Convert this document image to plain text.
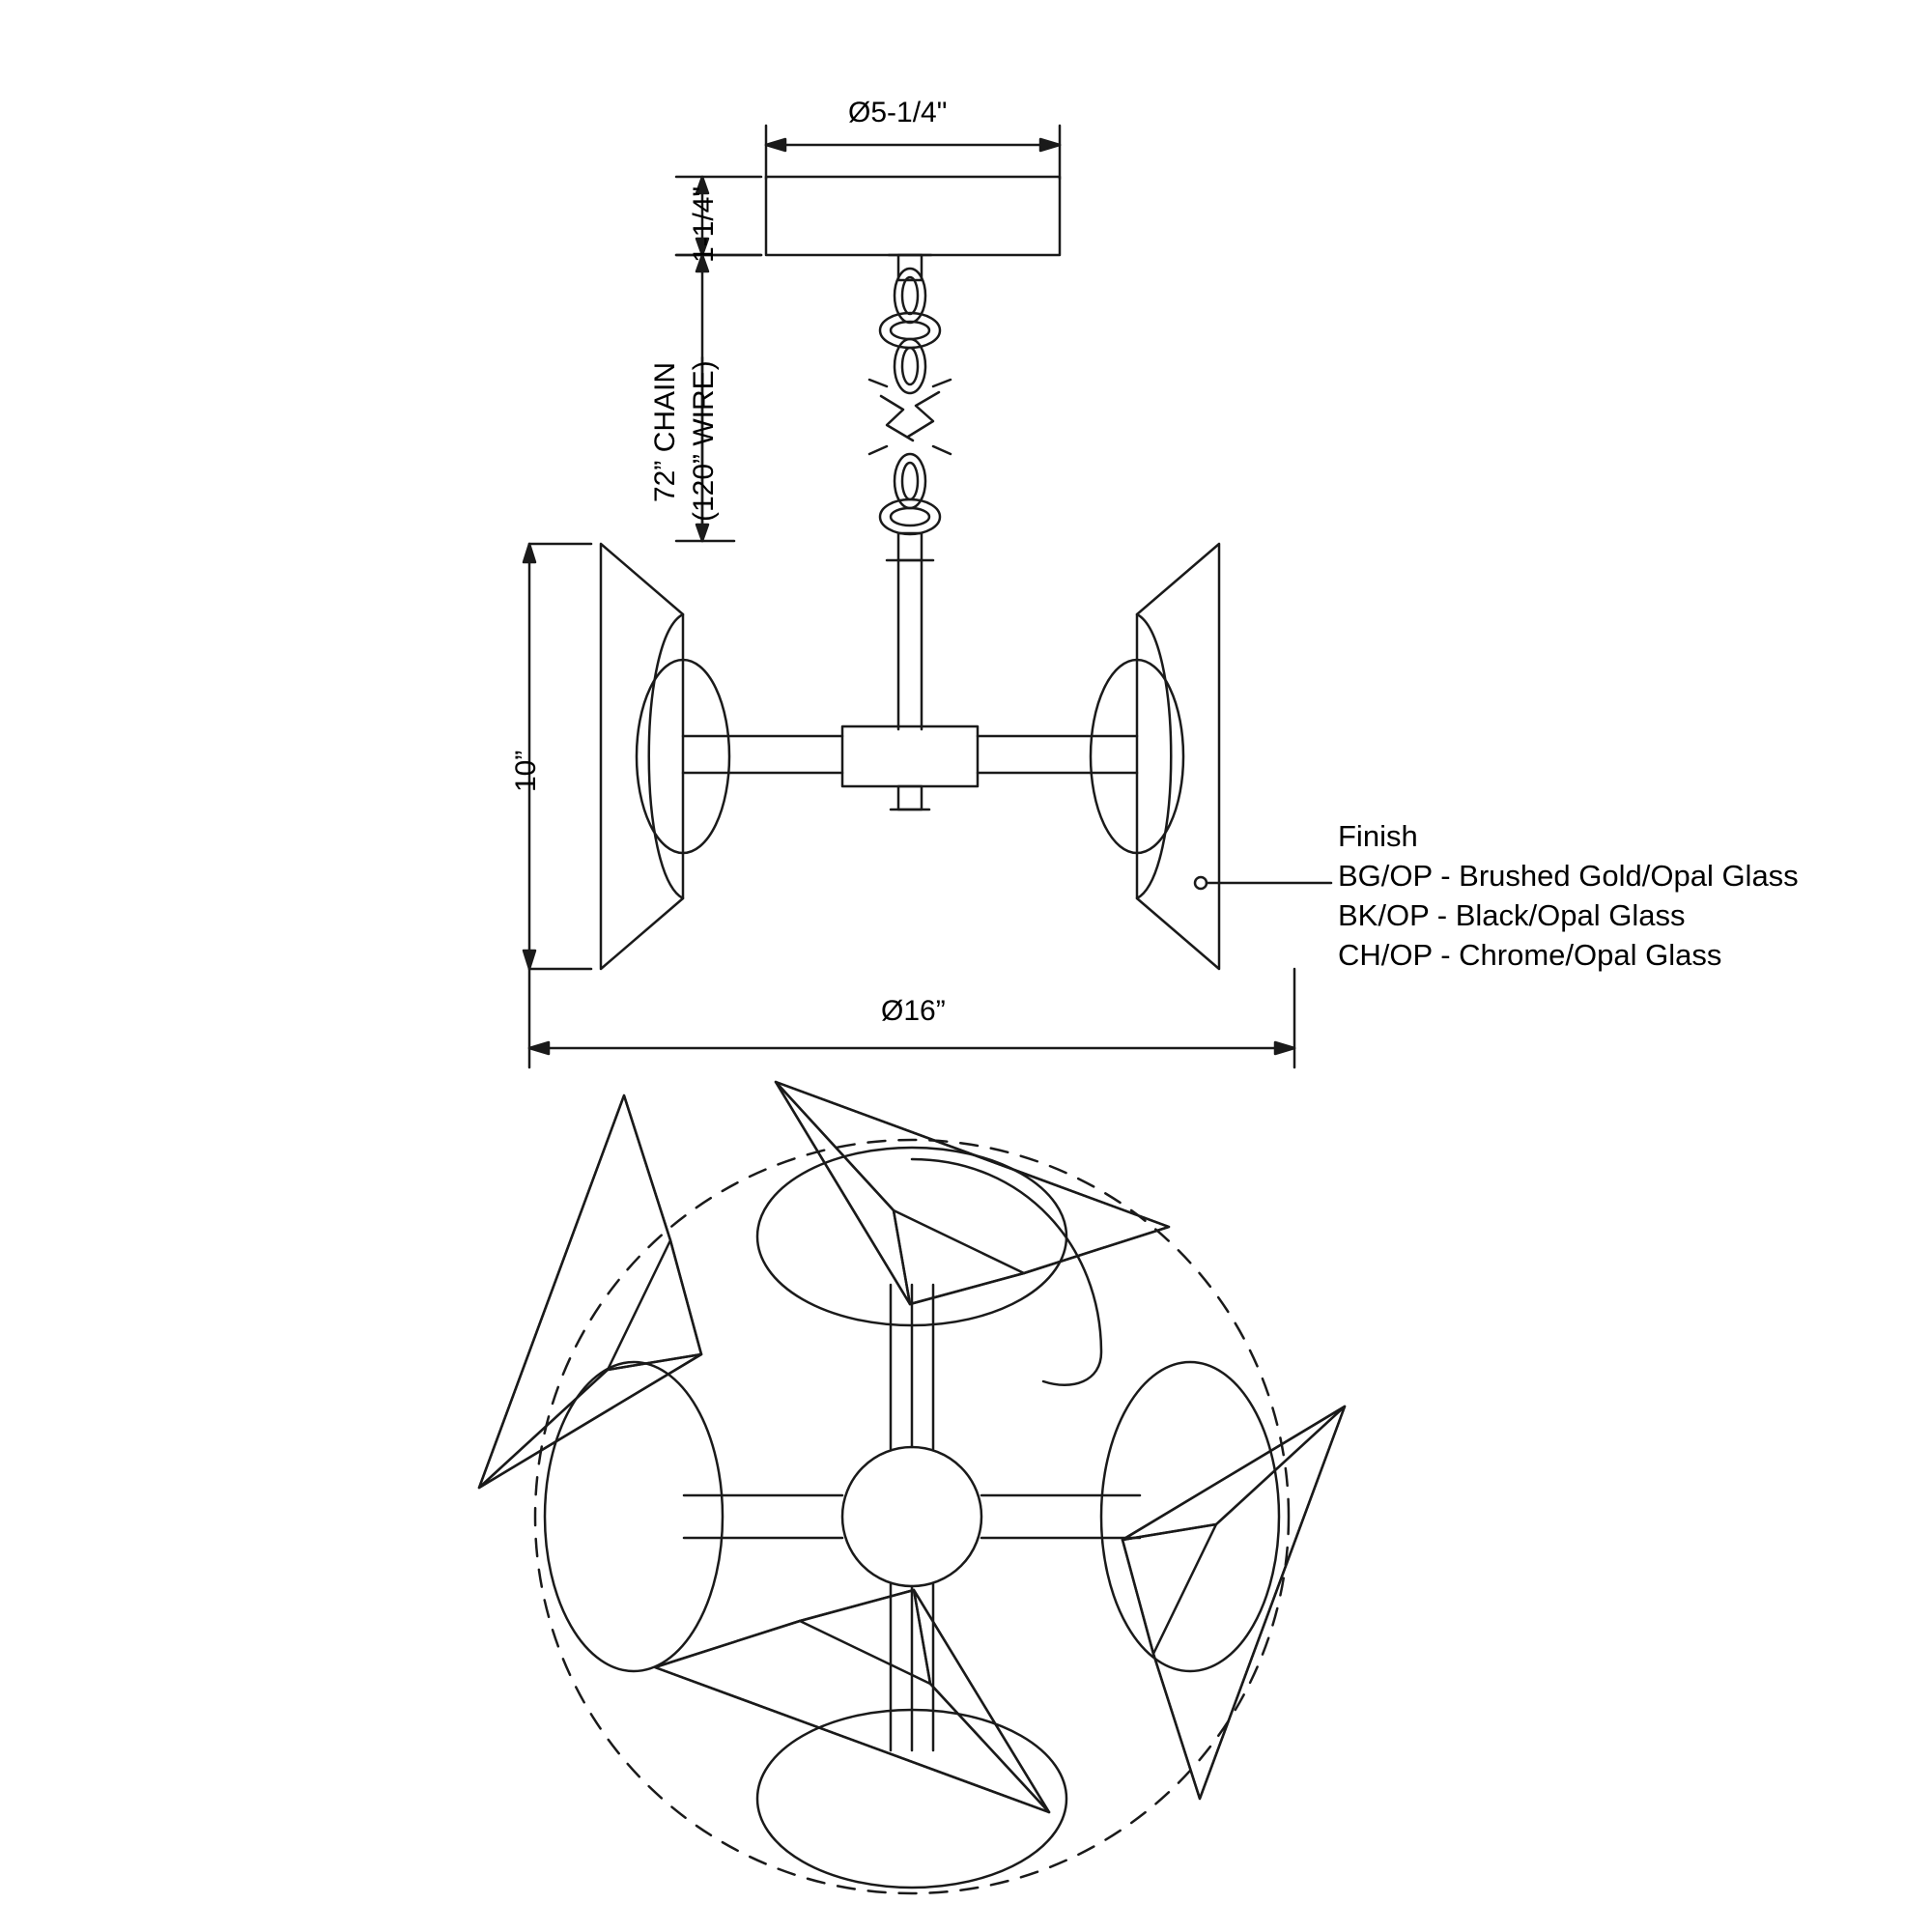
Ø5-1/4"
1-1/4"
72” CHAIN (120” WIRE)
10”
Ø16”
Finish
BG/OP - Brushed Gold/Opal Glass
BK/OP - Black/Opal Glass
CH/OP - Chrome/Opal Glass
